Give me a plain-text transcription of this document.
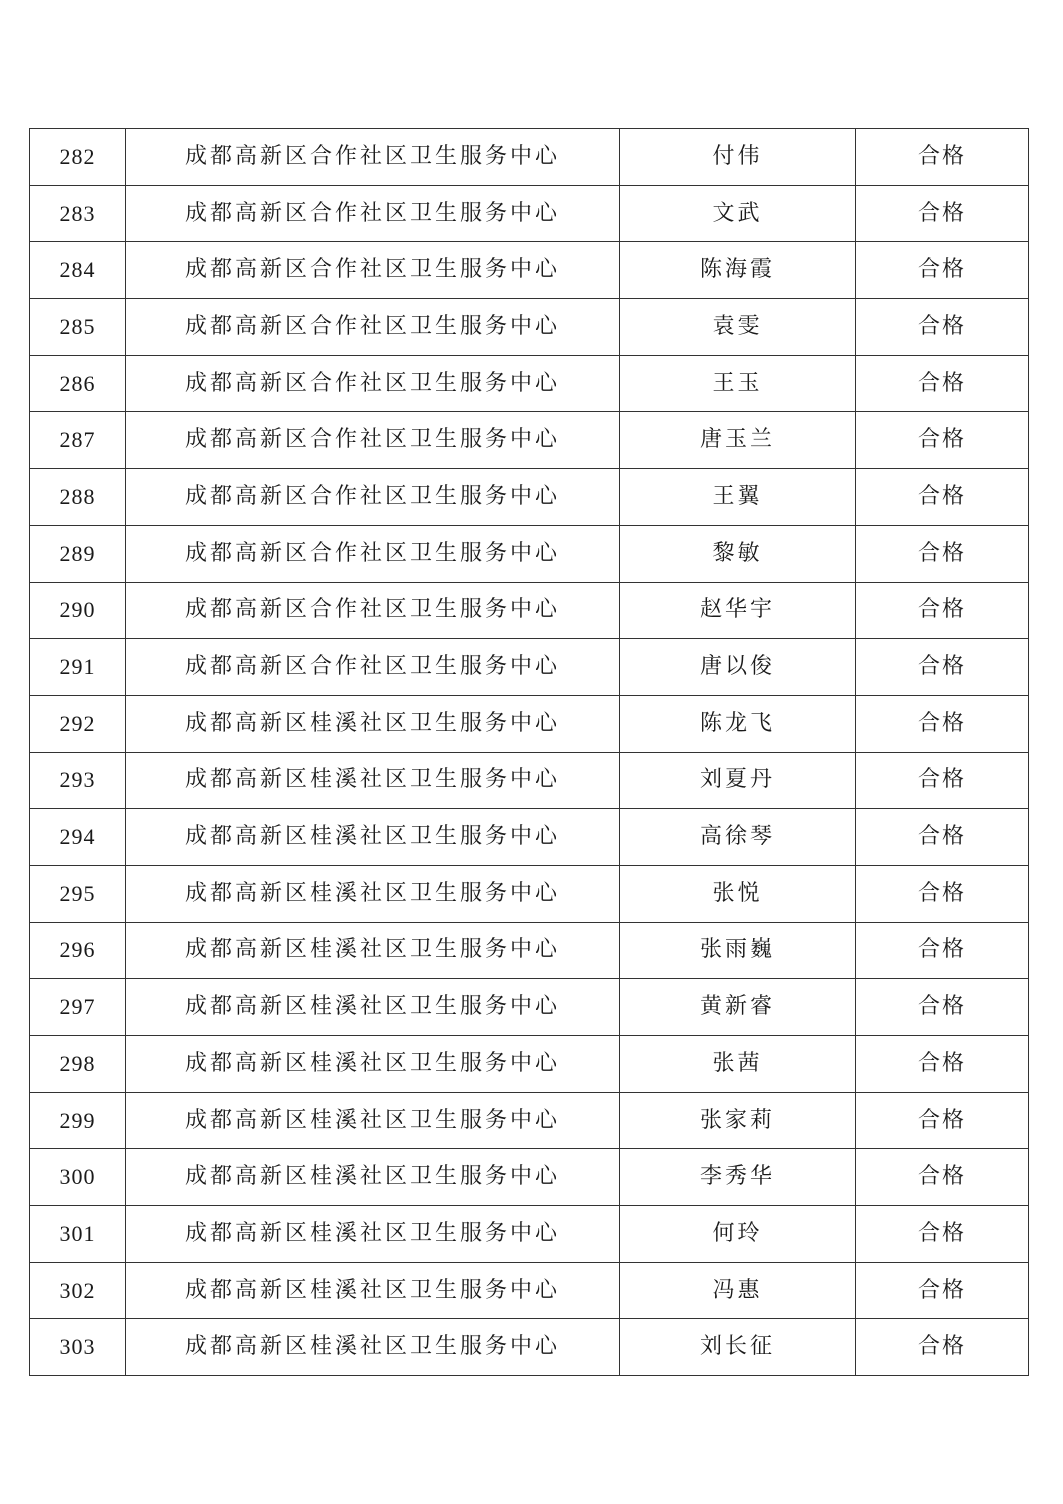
282	成都高新区合作社区卫生服务中心	付伟	合格
283	成都高新区合作社区卫生服务中心	文武	合格
284	成都高新区合作社区卫生服务中心	陈海霞	合格
285	成都高新区合作社区卫生服务中心	袁雯	合格
286	成都高新区合作社区卫生服务中心	王玉	合格
287	成都高新区合作社区卫生服务中心	唐玉兰	合格
288	成都高新区合作社区卫生服务中心	王翼	合格
289	成都高新区合作社区卫生服务中心	黎敏	合格
290	成都高新区合作社区卫生服务中心	赵华宇	合格
291	成都高新区合作社区卫生服务中心	唐以俊	合格
292	成都高新区桂溪社区卫生服务中心	陈龙飞	合格
293	成都高新区桂溪社区卫生服务中心	刘夏丹	合格
294	成都高新区桂溪社区卫生服务中心	高徐琴	合格
295	成都高新区桂溪社区卫生服务中心	张悦	合格
296	成都高新区桂溪社区卫生服务中心	张雨巍	合格
297	成都高新区桂溪社区卫生服务中心	黄新睿	合格
298	成都高新区桂溪社区卫生服务中心	张茜	合格
299	成都高新区桂溪社区卫生服务中心	张家莉	合格
300	成都高新区桂溪社区卫生服务中心	李秀华	合格
301	成都高新区桂溪社区卫生服务中心	何玲	合格
302	成都高新区桂溪社区卫生服务中心	冯惠	合格
303	成都高新区桂溪社区卫生服务中心	刘长征	合格
